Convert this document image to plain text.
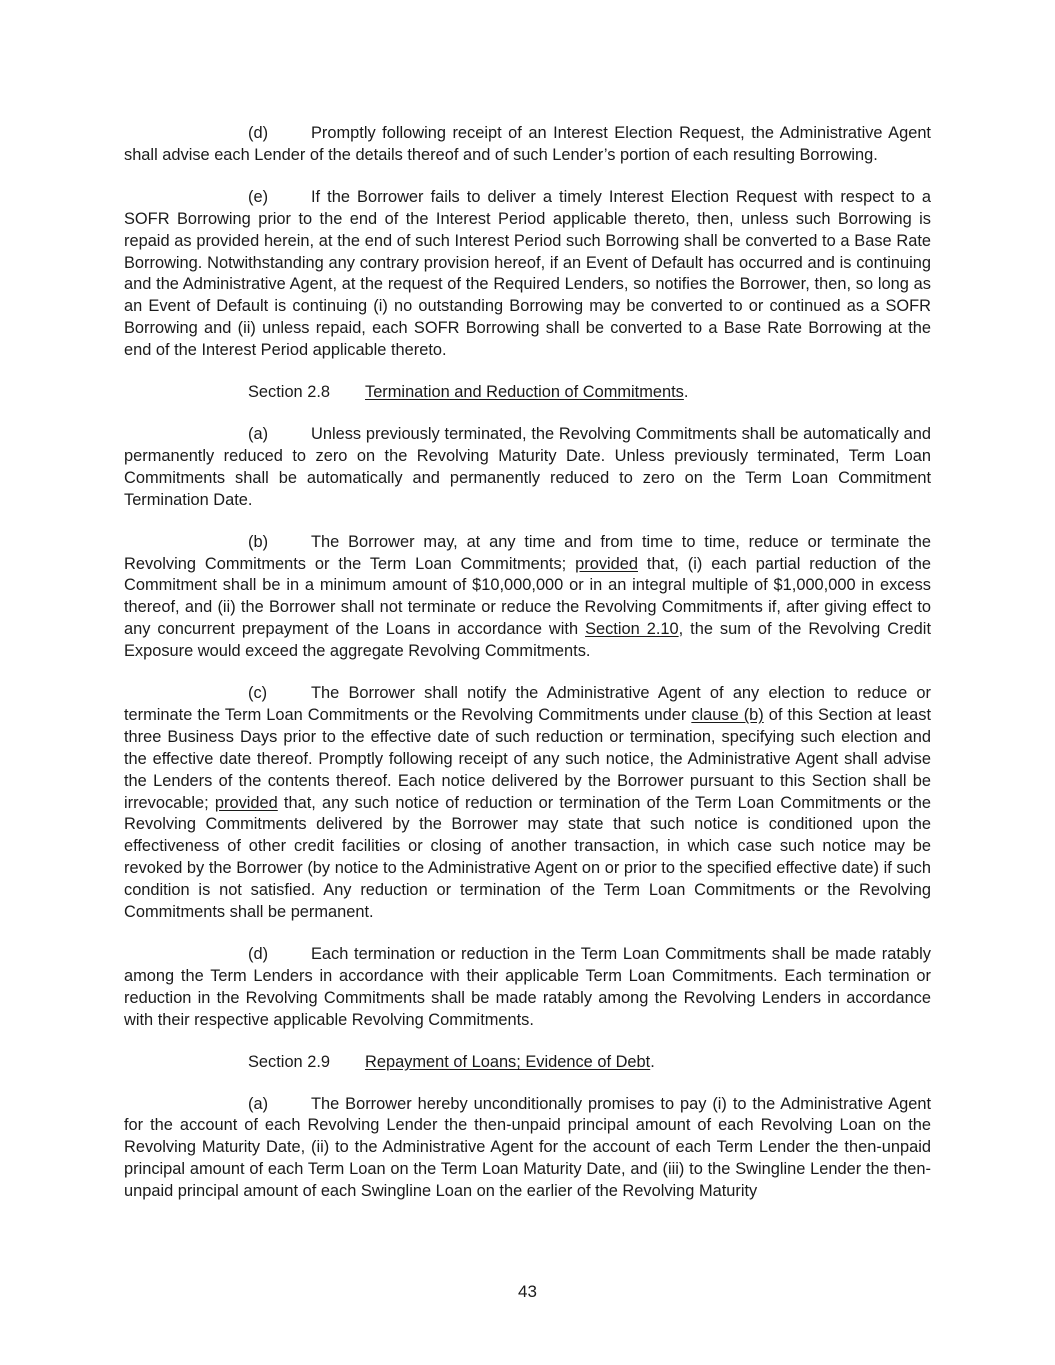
(d)	Promptly following receipt of an Interest Election Request, the Administrative Agent shall advise each Lender of the details thereof and of such Lender’s portion of each resulting Borrowing.

(e)	If the Borrower fails to deliver a timely Interest Election Request with respect to a SOFR Borrowing prior to the end of the Interest Period applicable thereto, then, unless such Borrowing is repaid as provided herein, at the end of such Interest Period such Borrowing shall be converted to a Base Rate Borrowing. Notwithstanding any contrary provision hereof, if an Event of Default has occurred and is continuing and the Administrative Agent, at the request of the Required Lenders, so notifies the Borrower, then, so long as an Event of Default is continuing (i) no outstanding Borrowing may be converted to or continued as a SOFR Borrowing and (ii) unless repaid, each SOFR Borrowing shall be converted to a Base Rate Borrowing at the end of the Interest Period applicable thereto.

Section 2.8 Termination and Reduction of Commitments.

(a)	Unless previously terminated, the Revolving Commitments shall be automatically and permanently reduced to zero on the Revolving Maturity Date. Unless previously terminated, Term Loan Commitments shall be automatically and permanently reduced to zero on the Term Loan Commitment Termination Date.

(b)	The Borrower may, at any time and from time to time, reduce or terminate the Revolving Commitments or the Term Loan Commitments; provided that, (i) each partial reduction of the Commitment shall be in a minimum amount of $10,000,000 or in an integral multiple of $1,000,000 in excess thereof, and (ii) the Borrower shall not terminate or reduce the Revolving Commitments if, after giving effect to any concurrent prepayment of the Loans in accordance with Section 2.10, the sum of the Revolving Credit Exposure would exceed the aggregate Revolving Commitments.

(c)	The Borrower shall notify the Administrative Agent of any election to reduce or terminate the Term Loan Commitments or the Revolving Commitments under clause (b) of this Section at least three Business Days prior to the effective date of such reduction or termination, specifying such election and the effective date thereof. Promptly following receipt of any such notice, the Administrative Agent shall advise the Lenders of the contents thereof. Each notice delivered by the Borrower pursuant to this Section shall be irrevocable; provided that, any such notice of reduction or termination of the Term Loan Commitments or the Revolving Commitments delivered by the Borrower may state that such notice is conditioned upon the effectiveness of other credit facilities or closing of another transaction, in which case such notice may be revoked by the Borrower (by notice to the Administrative Agent on or prior to the specified effective date) if such condition is not satisfied. Any reduction or termination of the Term Loan Commitments or the Revolving Commitments shall be permanent.

(d)	Each termination or reduction in the Term Loan Commitments shall be made ratably among the Term Lenders in accordance with their applicable Term Loan Commitments. Each termination or reduction in the Revolving Commitments shall be made ratably among the Revolving Lenders in accordance with their respective applicable Revolving Commitments.

Section 2.9 Repayment of Loans; Evidence of Debt.

(a)	The Borrower hereby unconditionally promises to pay (i) to the Administrative Agent for the account of each Revolving Lender the then-unpaid principal amount of each Revolving Loan on the Revolving Maturity Date, (ii) to the Administrative Agent for the account of each Term Lender the then-unpaid principal amount of each Term Loan on the Term Loan Maturity Date, and (iii) to the Swingline Lender the then-unpaid principal amount of each Swingline Loan on the earlier of the Revolving Maturity

43
